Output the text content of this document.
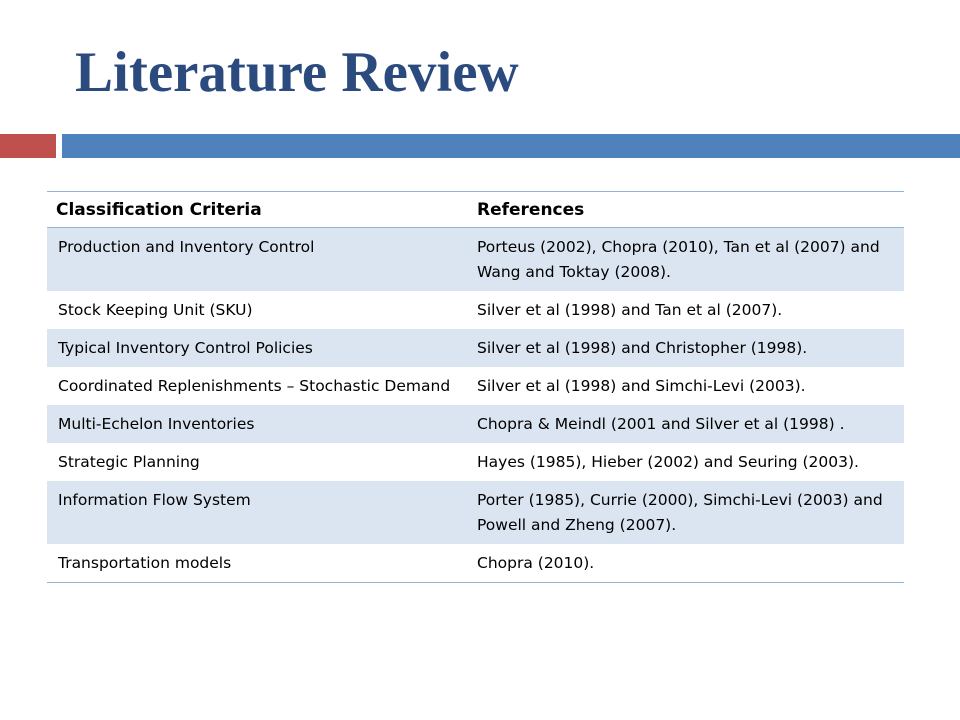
Literature Review
Classification Criteria	References
Production and Inventory Control	Porteus (2002), Chopra (2010), Tan et al (2007) and Wang and Toktay (2008).
Stock Keeping Unit (SKU)	Silver et al (1998) and Tan et al (2007).
Typical Inventory Control Policies	Silver et al (1998) and Christopher (1998).
Coordinated Replenishments – Stochastic Demand	Silver et al (1998) and Simchi-Levi (2003).
Multi-Echelon Inventories	Chopra & Meindl (2001 and Silver et al (1998) .
Strategic Planning	Hayes (1985), Hieber (2002) and Seuring (2003).
Information Flow System	Porter (1985), Currie (2000), Simchi-Levi (2003) and Powell and Zheng (2007).
Transportation models	Chopra (2010).
